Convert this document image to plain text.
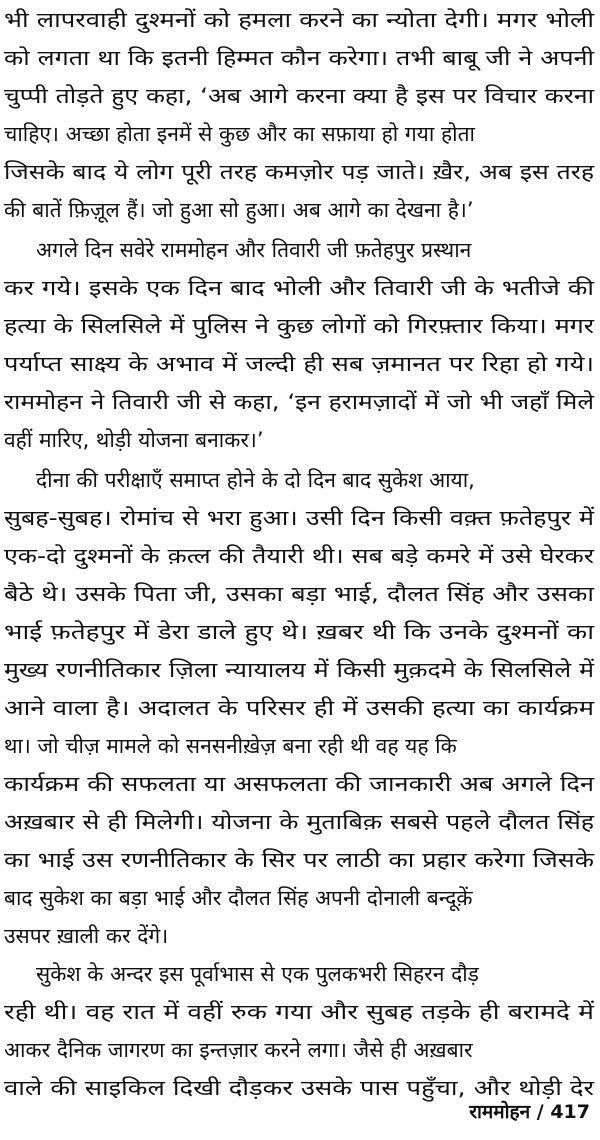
भी लापरवाही दुश्मनों को हमला करने का न्योता देगी। मगर भोली
को लगता था कि इतनी हिम्मत कौन करेगा। तभी बाबू जी ने अपनी
चुप्पी तोड़ते हुए कहा, ‘अब आगे करना क्या है इस पर विचार करना
चाहिए। अच्छा होता इनमें से कुछ और का सफ़ाया हो गया होता
जिसके बाद ये लोग पूरी तरह कमज़ोर पड़ जाते। ख़ैर, अब इस तरह
की बातें फ़िज़ूल हैं। जो हुआ सो हुआ। अब आगे का देखना है।’
अगले दिन सवेरे राममोहन और तिवारी जी फ़तेहपुर प्रस्थान
कर गये। इसके एक दिन बाद भोली और तिवारी जी के भतीजे की
हत्या के सिलसिले में पुलिस ने कुछ लोगों को गिरफ़्तार किया। मगर
पर्याप्त साक्ष्य के अभाव में जल्दी ही सब ज़मानत पर रिहा हो गये।
राममोहन ने तिवारी जी से कहा, ‘इन हरामज़ादों में जो भी जहाँ मिले
वहीं मारिए, थोड़ी योजना बनाकर।’
दीना की परीक्षाएँ समाप्त होने के दो दिन बाद सुकेश आया,
सुबह-सुबह। रोमांच से भरा हुआ। उसी दिन किसी वक़्त फ़तेहपुर में
एक-दो दुश्मनों के क़त्ल की तैयारी थी। सब बड़े कमरे में उसे घेरकर
बैठे थे। उसके पिता जी, उसका बड़ा भाई, दौलत सिंह और उसका
भाई फ़तेहपुर में डेरा डाले हुए थे। ख़बर थी कि उनके दुश्मनों का
मुख्य रणनीतिकार ज़िला न्यायालय में किसी मुक़दमे के सिलसिले में
आने वाला है। अदालत के परिसर ही में उसकी हत्या का कार्यक्रम
था। जो चीज़ मामले को सनसनीख़ेज़ बना रही थी वह यह कि
कार्यक्रम की सफलता या असफलता की जानकारी अब अगले दिन
अख़बार से ही मिलेगी। योजना के मुताबिक़ सबसे पहले दौलत सिंह
का भाई उस रणनीतिकार के सिर पर लाठी का प्रहार करेगा जिसके
बाद सुकेश का बड़ा भाई और दौलत सिंह अपनी दोनाली बन्दूक़ें
उसपर ख़ाली कर देंगे।
सुकेश के अन्दर इस पूर्वाभास से एक पुलकभरी सिहरन दौड़
रही थी। वह रात में वहीं रुक गया और सुबह तड़के ही बरामदे में
आकर दैनिक जागरण का इन्तज़ार करने लगा। जैसे ही अख़बार
वाले की साइकिल दिखी दौड़कर उसके पास पहुँचा, और थोड़ी देर
राममोहन / 417
